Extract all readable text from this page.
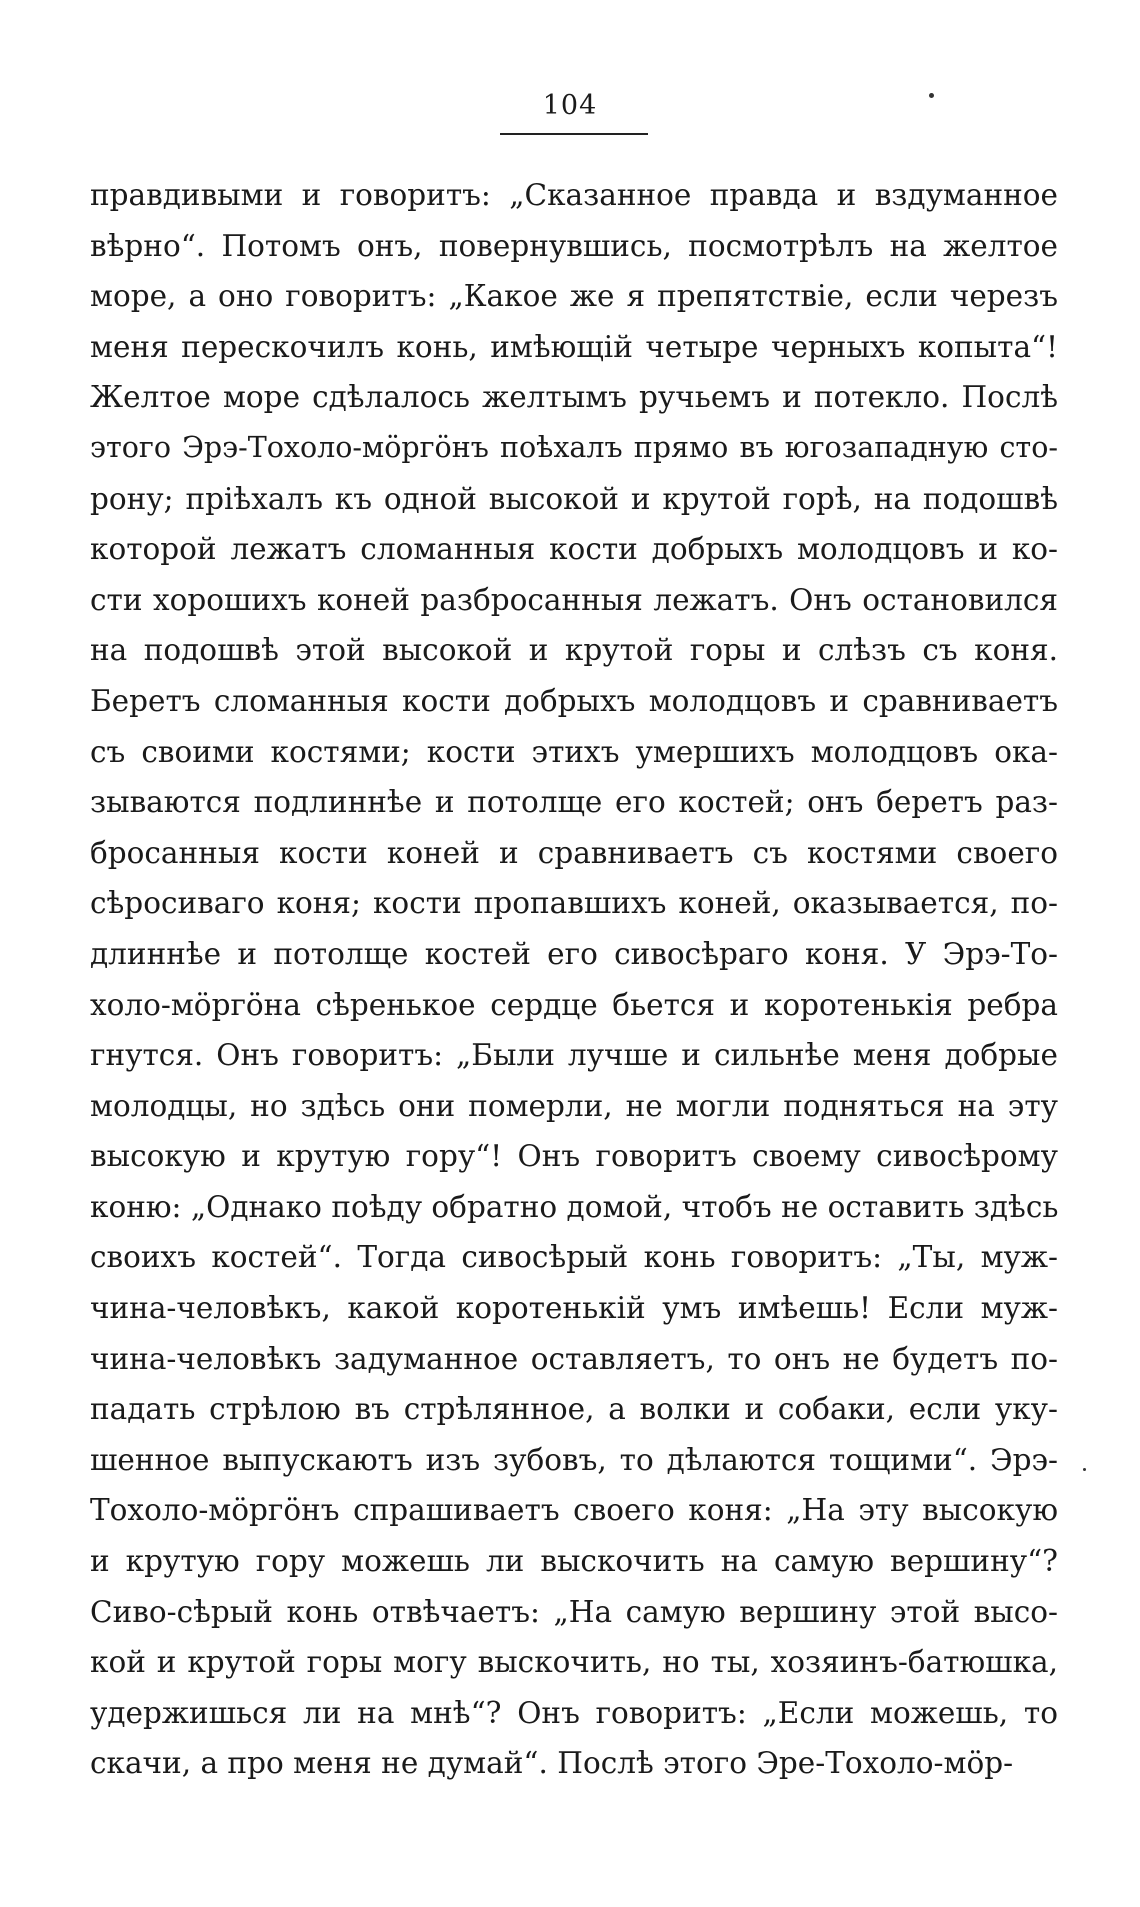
104
правдивыми и говоритъ: „Сказанное правда и вздуманное
вѣрно“. Потомъ онъ, повернувшись, посмотрѣлъ на желтое
море, а оно говоритъ: „Какое же я препятствіе, если черезъ
меня перескочилъ конь, имѣющій четыре черныхъ копыта“!
Желтое море сдѣлалось желтымъ ручьемъ и потекло. Послѣ
этого Эрэ-Тохоло-мӧргӧнъ поѣхалъ прямо въ югозападную сто-
рону; пріѣхалъ къ одной высокой и крутой горѣ, на подошвѣ
которой лежатъ сломанныя кости добрыхъ молодцовъ и ко-
сти хорошихъ коней разбросанныя лежатъ. Онъ остановился
на подошвѣ этой высокой и крутой горы и слѣзъ съ коня.
Беретъ сломанныя кости добрыхъ молодцовъ и сравниваетъ
съ своими костями; кости этихъ умершихъ молодцовъ ока-
зываются подлиннѣе и потолще его костей; онъ беретъ раз-
бросанныя кости коней и сравниваетъ съ костями своего
сѣросиваго коня; кости пропавшихъ коней, оказывается, по-
длиннѣе и потолще костей его сивосѣраго коня. У Эрэ-То-
холо-мӧргӧна сѣренькое сердце бьется и коротенькія ребра
гнутся. Онъ говоритъ: „Были лучше и сильнѣе меня добрые
молодцы, но здѣсь они померли, не могли подняться на эту
высокую и крутую гору“! Онъ говоритъ своему сивосѣрому
коню: „Однако поѣду обратно домой, чтобъ не оставить здѣсь
своихъ костей“. Тогда сивосѣрый конь говоритъ: „Ты, муж-
чина-человѣкъ, какой коротенькій умъ имѣешь! Если муж-
чина-человѣкъ задуманное оставляетъ, то онъ не будетъ по-
падать стрѣлою въ стрѣлянное, а волки и собаки, если уку-
шенное выпускаютъ изъ зубовъ, то дѣлаются тощими“. Эрэ-
Тохоло-мӧргӧнъ спрашиваетъ своего коня: „На эту высокую
и крутую гору можешь ли выскочить на самую вершину“?
Сиво-сѣрый конь отвѣчаетъ: „На самую вершину этой высо-
кой и крутой горы могу выскочить, но ты, хозяинъ-батюшка,
удержишься ли на мнѣ“? Онъ говоритъ: „Если можешь, то
скачи, а про меня не думай“. Послѣ этого Эре-Тохоло-мӧр-
